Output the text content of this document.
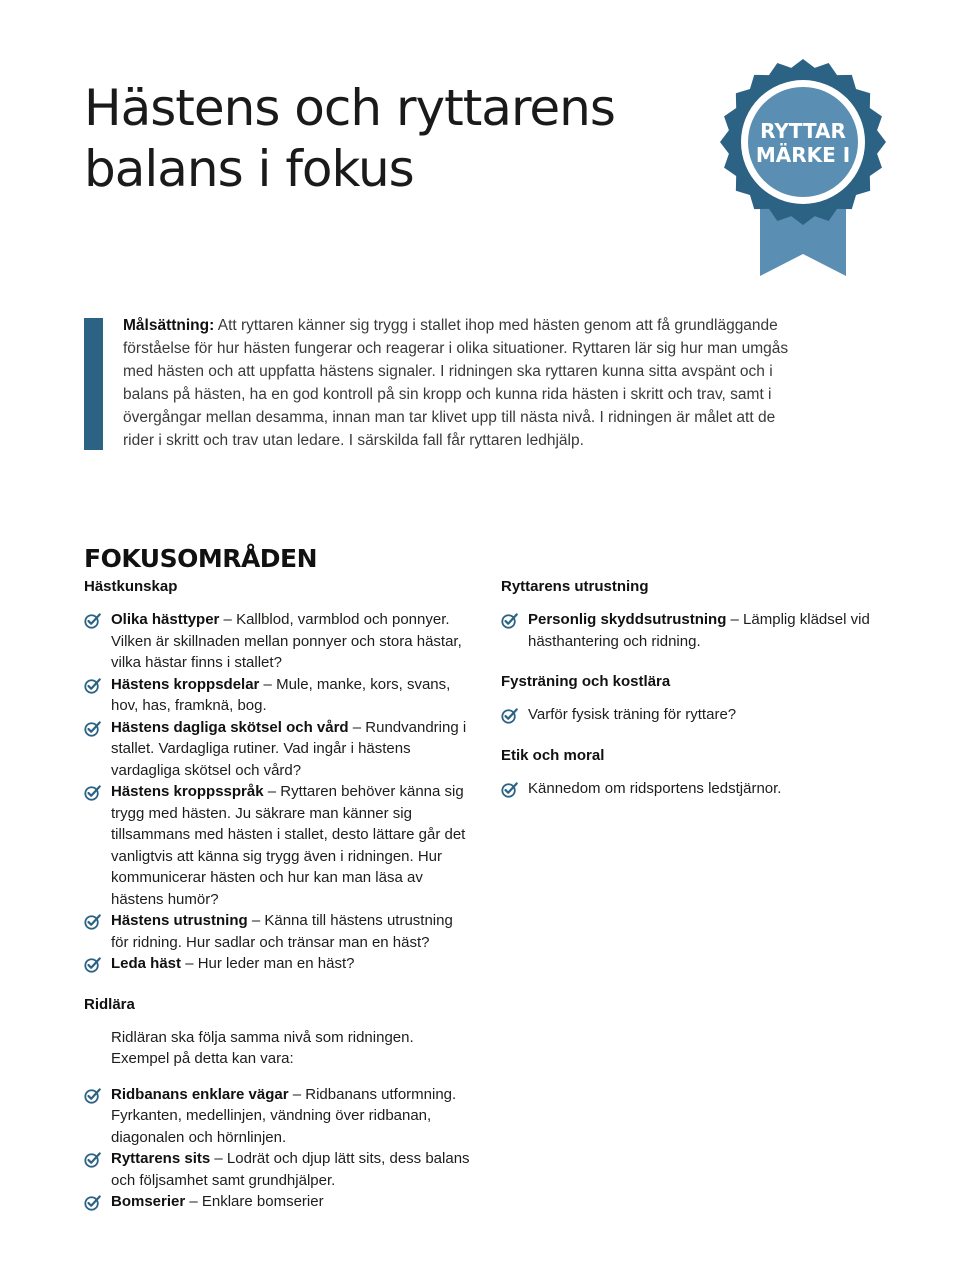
Hästens och ryttarens
balans i fokus
RYTTAR
MÄRKE I

Målsättning: Att ryttaren känner sig trygg i stallet ihop med hästen genom att få grundläggande förståelse för hur hästen fungerar och reagerar i olika situationer. Ryttaren lär sig hur man umgås med hästen och att uppfatta hästens signaler. I ridningen ska ryttaren kunna sitta avspänt och i balans på hästen, ha en god kontroll på sin kropp och kunna rida hästen i skritt och trav, samt i övergångar mellan desamma, innan man tar klivet upp till nästa nivå. I ridningen är målet att de rider i skritt och trav utan ledare. I särskilda fall får ryttaren ledhjälp.

FOKUSOMRÅDEN
Hästkunskap
Olika hästtyper – Kallblod, varmblod och ponnyer. Vilken är skillnaden mellan ponnyer och stora hästar, vilka hästar finns i stallet?
Hästens kroppsdelar – Mule, manke, kors, svans, hov, has, framknä, bog.
Hästens dagliga skötsel och vård – Rundvandring i stallet. Vardagliga rutiner. Vad ingår i hästens vardagliga skötsel och vård?
Hästens kroppsspråk – Ryttaren behöver känna sig trygg med hästen. Ju säkrare man känner sig tillsammans med hästen i stallet, desto lättare går det vanligtvis att känna sig trygg även i ridningen. Hur kommunicerar hästen och hur kan man läsa av hästens humör?
Hästens utrustning – Känna till hästens utrustning för ridning. Hur sadlar och tränsar man en häst?
Leda häst – Hur leder man en häst?
Ridlära

Ridläran ska följa samma nivå som ridningen. Exempel på detta kan vara:

Ridbanans enklare vägar – Ridbanans utformning. Fyrkanten, medellinjen, vändning över ridbanan, diagonalen och hörnlinjen.
Ryttarens sits – Lodrät och djup lätt sits, dess balans och följsamhet samt grundhjälper.
Bomserier – Enklare bomserier
Ryttarens utrustning
Personlig skyddsutrustning – Lämplig klädsel vid hästhantering och ridning.
Fysträning och kostlära
Varför fysisk träning för ryttare?
Etik och moral
Kännedom om ridsportens ledstjärnor.
